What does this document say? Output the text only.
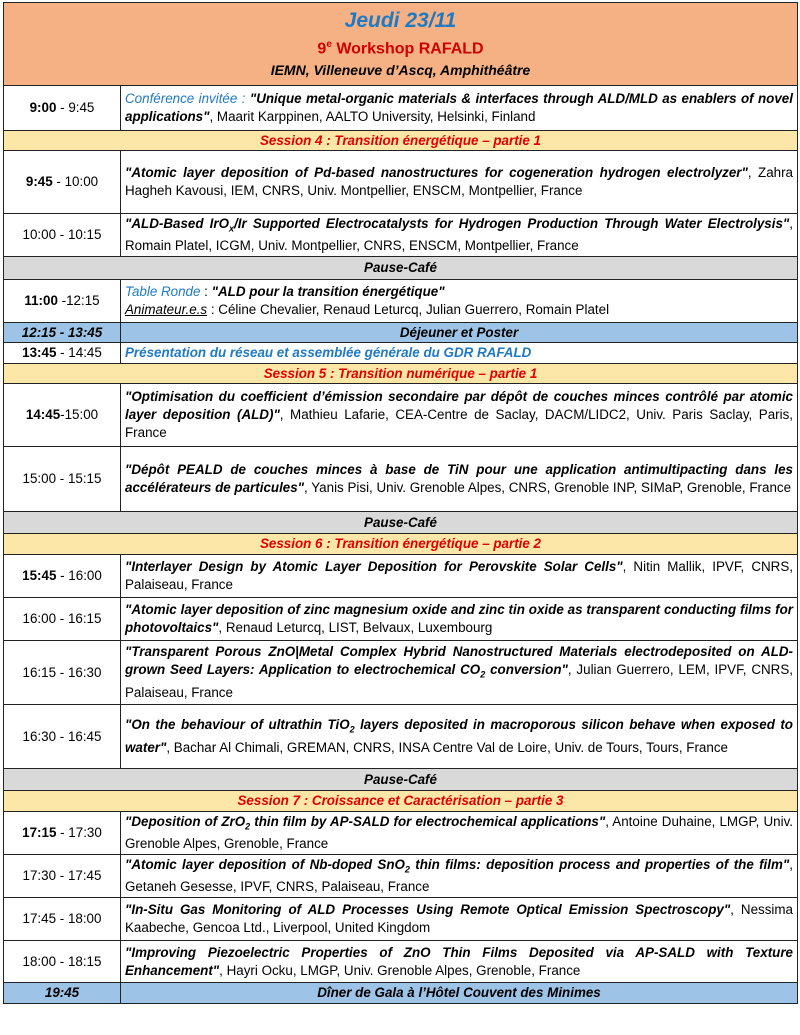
Jeudi 23/11
9e Workshop RAFALD
IEMN, Villeneuve d’Ascq, Amphithéâtre	

9:00 - 9:45	Conférence invitée : "Unique metal-organic materials & interfaces through ALD/MLD as enablers of novel applications", Maarit Karppinen, AALTO University, Helsinki, Finland
Session 4 : Transition énergétique – partie 1	
9:45 - 10:00	"Atomic layer deposition of Pd-based nanostructures for cogeneration hydrogen electrolyzer", Zahra Hagheh Kavousi, IEM, CNRS, Univ. Montpellier, ENSCM, Montpellier, France
10:00 - 10:15	"ALD-Based IrO$_x$/Ir Supported Electrocatalysts for Hydrogen Production Through Water Electrolysis", Romain Platel, ICGM, Univ. Montpellier, CNRS, ENSCM, Montpellier, France
Pause-Café	
11:00 -12:15	Table Ronde : "ALD pour la transition énergétique"
Animateur.e.s : Céline Chevalier, Renaud Leturcq, Julian Guerrero, Romain Platel
12:15 - 13:45	Déjeuner et Poster
13:45 - 14:45	Présentation du réseau et assemblée générale du GDR RAFALD
Session 5 : Transition numérique – partie 1	
14:45-15:00	"Optimisation du coefficient d’émission secondaire par dépôt de couches minces contrôlé par atomic layer deposition (ALD)", Mathieu Lafarie, CEA-Centre de Saclay, DACM/LIDC2, Univ. Paris Saclay, Paris, France
15:00 - 15:15	"Dépôt PEALD de couches minces à base de TiN pour une application antimultipacting dans les accélérateurs de particules", Yanis Pisi, Univ. Grenoble Alpes, CNRS, Grenoble INP, SIMaP, Grenoble, France
Pause-Café	
Session 6 : Transition énergétique – partie 2	
15:45 - 16:00	"Interlayer Design by Atomic Layer Deposition for Perovskite Solar Cells", Nitin Mallik, IPVF, CNRS, Palaiseau, France
16:00 - 16:15	"Atomic layer deposition of zinc magnesium oxide and zinc tin oxide as transparent conducting films for photovoltaics", Renaud Leturcq, LIST, Belvaux, Luxembourg
16:15 - 16:30	"Transparent Porous ZnO|Metal Complex Hybrid Nanostructured Materials electrodeposited on ALD-grown Seed Layers: Application to electrochemical $CO_2$ conversion", Julian Guerrero, LEM, IPVF, CNRS, Palaiseau, France
16:30 - 16:45	"On the behaviour of ultrathin TiO$_2$ layers deposited in macroporous silicon behave when exposed to water", Bachar Al Chimali, GREMAN, CNRS, INSA Centre Val de Loire, Univ. de Tours, Tours, France
Pause-Café	
Session 7 : Croissance et Caractérisation – partie 3	
17:15 - 17:30	"Deposition of ZrO$_2$ thin film by AP-SALD for electrochemical applications", Antoine Duhaine, LMGP, Univ. Grenoble Alpes, Grenoble, France
17:30 - 17:45	"Atomic layer deposition of Nb-doped SnO$_2$ thin films: deposition process and properties of the film", Getaneh Gesesse, IPVF, CNRS, Palaiseau, France
17:45 - 18:00	"In-Situ Gas Monitoring of ALD Processes Using Remote Optical Emission Spectroscopy", Nessima Kaabeche, Gencoa Ltd., Liverpool, United Kingdom
18:00 - 18:15	"Improving Piezoelectric Properties of ZnO Thin Films Deposited via AP-SALD with Texture Enhancement", Hayri Ocku, LMGP, Univ. Grenoble Alpes, Grenoble, France
19:45	Dîner de Gala à l’Hôtel Couvent des Minimes
